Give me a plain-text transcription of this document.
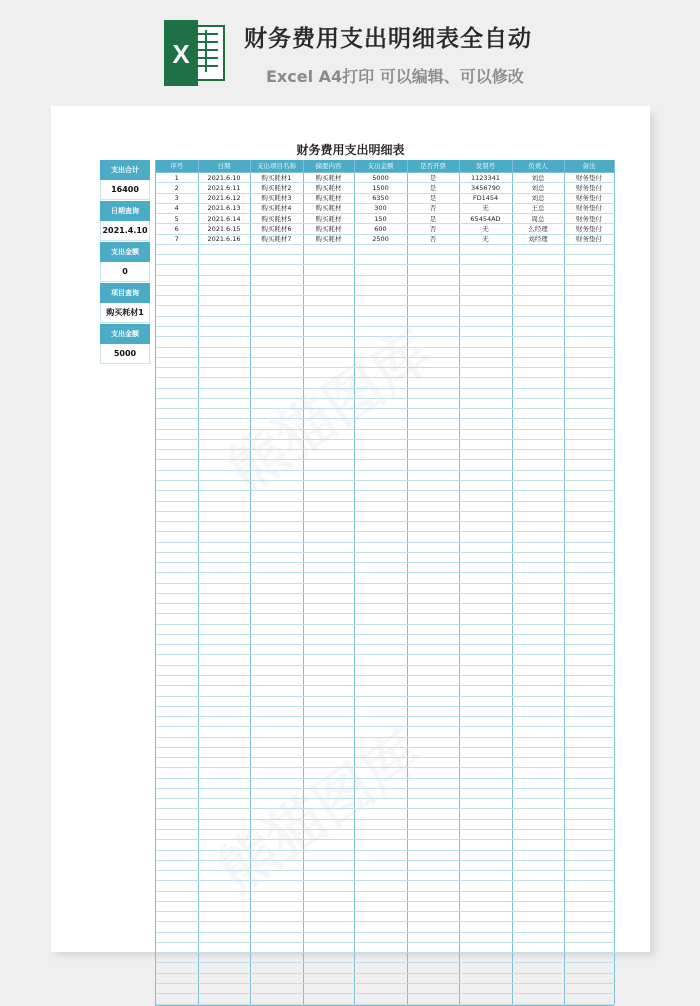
X 财务费用支出明细表全自动
Excel A4打印 可以编辑、可以修改
财务费用支出明细表
支出合计
16400
日期查询
2021.4.10
支出金额
0
项目查询
购买耗材1
支出金额
5000
序号	日期	支出项目名称	摘要内容	支出金额	是否开票	发票号	负责人	备注
1	2021.6.10	购买耗材1	购买耗材	5000	是	1123341	刘总	财务垫付
2	2021.6.11	购买耗材2	购买耗材	1500	是	3456790	刘总	财务垫付
3	2021.6.12	购买耗材3	购买耗材	6350	是	FD1454	刘总	财务垫付
4	2021.6.13	购买耗材4	购买耗材	300	否	无	王总	财务垫付
5	2021.6.14	购买耗材5	购买耗材	150	是	65454AD	周总	财务垫付
6	2021.6.15	购买耗材6	购买耗材	600	否	无	么经理	财务垫付
7	2021.6.16	购买耗材7	购买耗材	2500	否	无	刘经理	财务垫付
